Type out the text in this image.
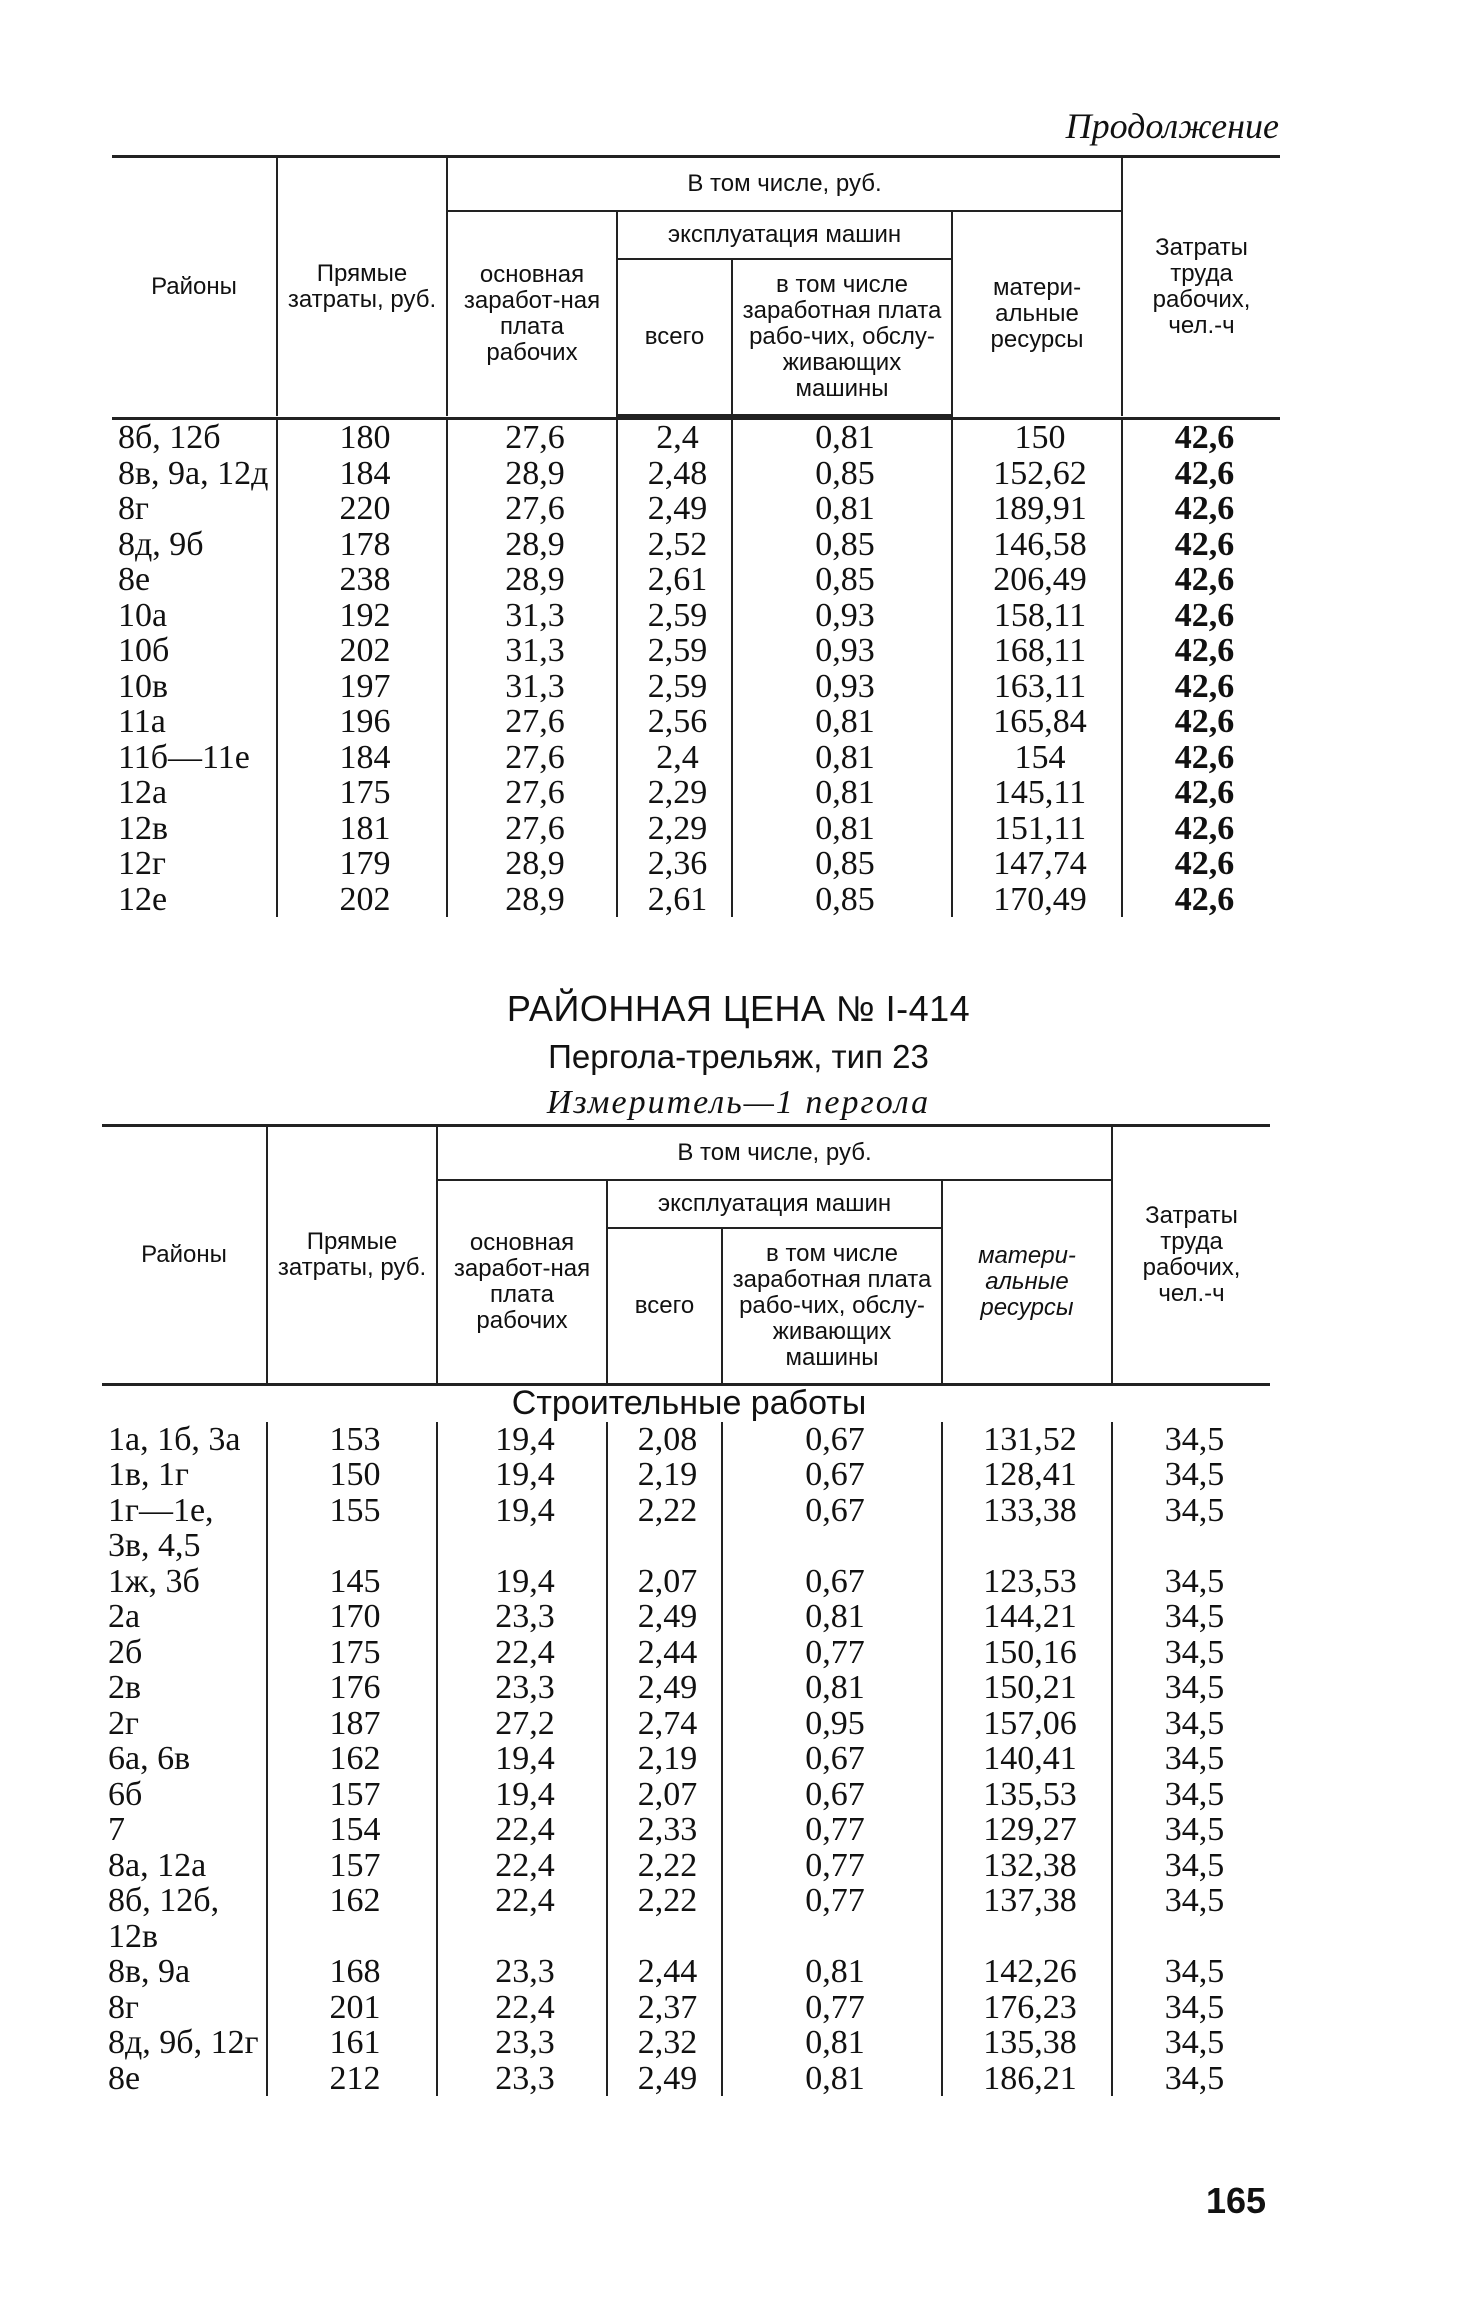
Продолжение
Районы	Прямые затраты, руб.	В том числе, руб.				Затраты труда рабочих, чел.-ч
		основная заработ-ная плата рабочих	эксплуатация машин		матери-альные ресурсы	
			всего	в том числе заработная плата рабо-чих, обслу-живающих машины		

8б, 12б	180	27,6	2,4	0,81	150	42,6
8в, 9а, 12д	184	28,9	2,48	0,85	152,62	42,6
8г	220	27,6	2,49	0,81	189,91	42,6
8д, 9б	178	28,9	2,52	0,85	146,58	42,6
8е	238	28,9	2,61	0,85	206,49	42,6
10а	192	31,3	2,59	0,93	158,11	42,6
10б	202	31,3	2,59	0,93	168,11	42,6
10в	197	31,3	2,59	0,93	163,11	42,6
11а	196	27,6	2,56	0,81	165,84	42,6
11б—11е	184	27,6	2,4	0,81	154	42,6
12а	175	27,6	2,29	0,81	145,11	42,6
12в	181	27,6	2,29	0,81	151,11	42,6
12г	179	28,9	2,36	0,85	147,74	42,6
12е	202	28,9	2,61	0,85	170,49	42,6
РАЙОННАЯ ЦЕНА № I-414
Пергола-трельяж, тип 23
Измеритель—1 пергола
Районы	Прямые затраты, руб.	В том числе, руб.				Затраты труда рабочих, чел.-ч
		основная заработ-ная плата рабочих	эксплуатация машин		матери-альные ресурсы	
			всего	в том числе заработная плата рабо-чих, обслу-живающих машины		

Строительные работы						
1а, 1б, 3а	153	19,4	2,08	0,67	131,52	34,5
1в, 1г	150	19,4	2,19	0,67	128,41	34,5
1г—1е,	155	19,4	2,22	0,67	133,38	34,5
3в, 4,5						
1ж, 3б	145	19,4	2,07	0,67	123,53	34,5
2а	170	23,3	2,49	0,81	144,21	34,5
2б	175	22,4	2,44	0,77	150,16	34,5
2в	176	23,3	2,49	0,81	150,21	34,5
2г	187	27,2	2,74	0,95	157,06	34,5
6а, 6в	162	19,4	2,19	0,67	140,41	34,5
6б	157	19,4	2,07	0,67	135,53	34,5
7	154	22,4	2,33	0,77	129,27	34,5
8а, 12а	157	22,4	2,22	0,77	132,38	34,5
8б, 12б,	162	22,4	2,22	0,77	137,38	34,5
12в						
8в, 9а	168	23,3	2,44	0,81	142,26	34,5
8г	201	22,4	2,37	0,77	176,23	34,5
8д, 9б, 12г	161	23,3	2,32	0,81	135,38	34,5
8е	212	23,3	2,49	0,81	186,21	34,5
165
